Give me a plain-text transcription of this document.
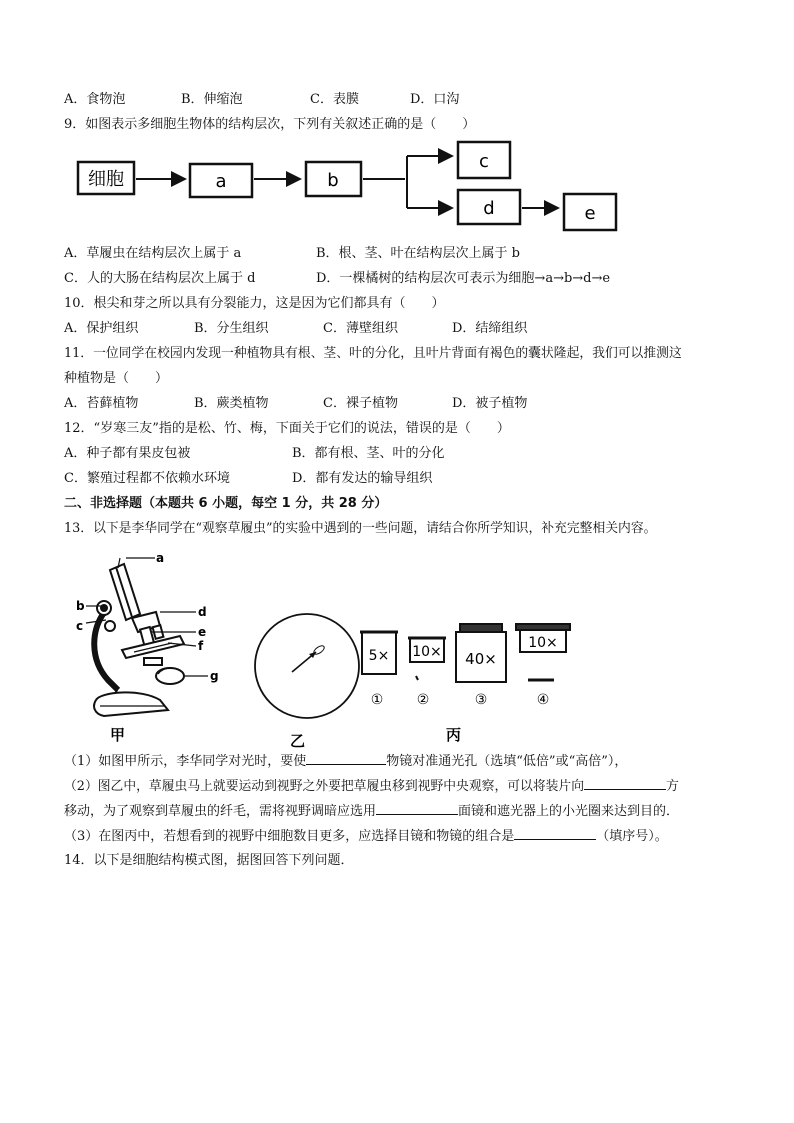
A．食物泡	B．伸缩泡	C．表膜	D．口沟
9．如图表示多细胞生物体的结构层次，下列有关叙述正确的是（　　）
细胞	a	b
c
d	e
A．草履虫在结构层次上属于 a	B．根、茎、叶在结构层次上属于 b
C．人的大肠在结构层次上属于 d	D．一棵橘树的结构层次可表示为细胞→a→b→d→e
10．根尖和芽之所以具有分裂能力，这是因为它们都具有（　　）
A．保护组织	B．分生组织	C．薄壁组织	D．结缔组织
11．一位同学在校园内发现一种植物具有根、茎、叶的分化，且叶片背面有褐色的囊状隆起，我们可以推测这
种植物是（　　）
A．苔藓植物	B．蕨类植物	C．裸子植物	D．被子植物
12．“岁寒三友”指的是松、竹、梅，下面关于它们的说法，错误的是（　　）
A．种子都有果皮包被	B．都有根、茎、叶的分化
C．繁殖过程都不依赖水环境	D．都有发达的输导组织
二、非选择题（本题共 6 小题，每空 1 分，共 28 分）
13．以下是李华同学在“观察草履虫”的实验中遇到的一些问题，请结合你所学知识，补充完整相关内容。
a
b
c
d
e
f
g
甲	乙
5× 10× 40×
10×
① ②	③	④
丙
（1）如图甲所示，李华同学对光时，要使	物镜对准通光孔（选填“低倍”或“高倍”），
（2）图乙中，草履虫马上就要运动到视野之外要把草履虫移到视野中央观察，可以将装片向	方
移动，为了观察到草履虫的纤毛，需将视野调暗应选用	面镜和遮光器上的小光圈来达到目的．
（3）在图丙中，若想看到的视野中细胞数目更多，应选择目镜和物镜的组合是	（填序号）。
14．以下是细胞结构模式图，据图回答下列问题．
